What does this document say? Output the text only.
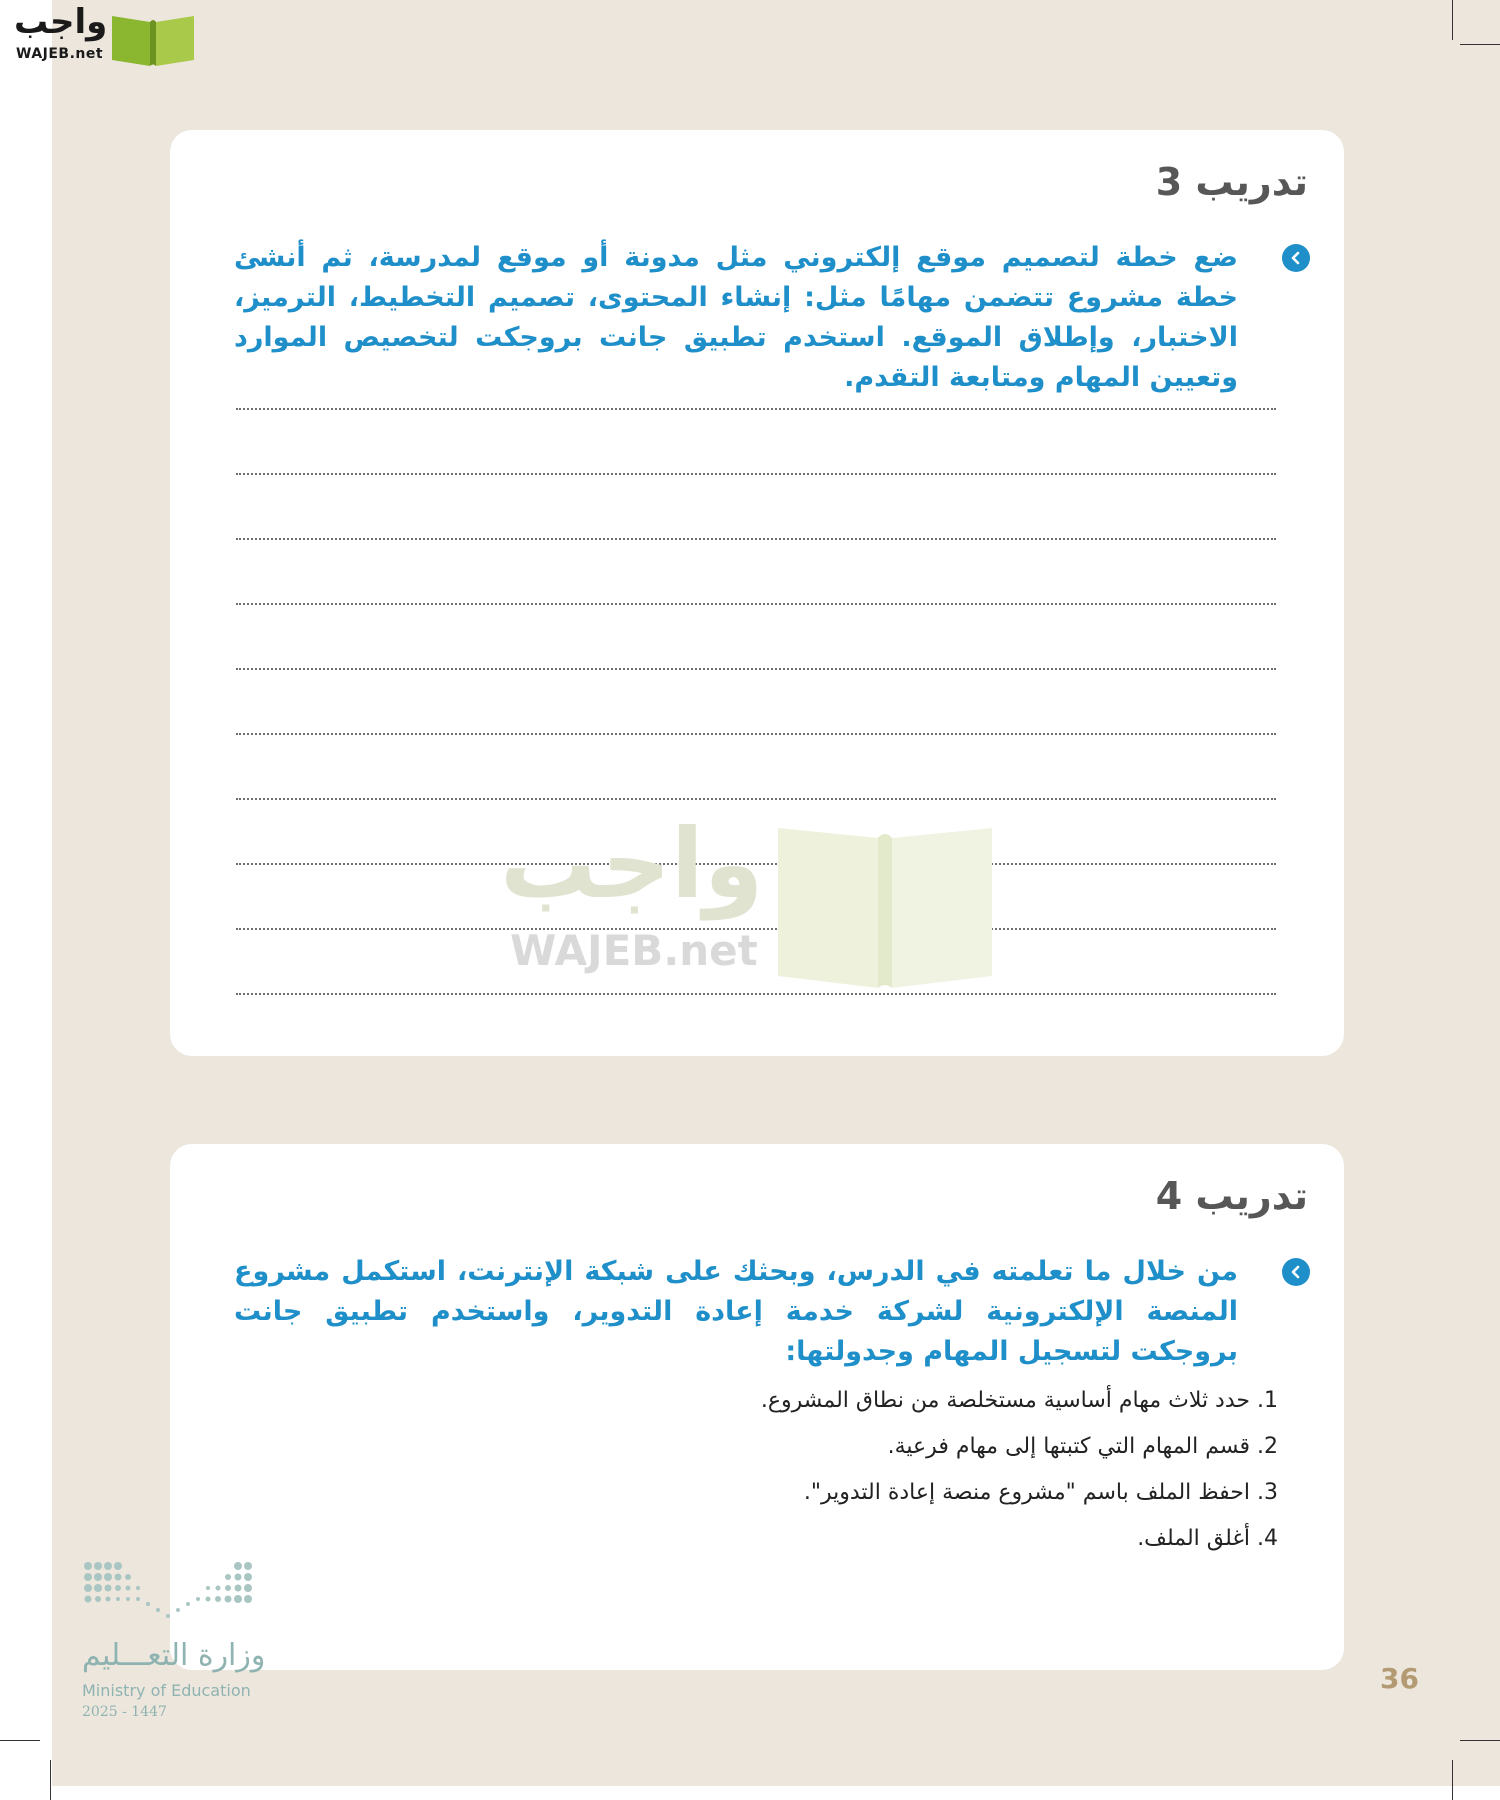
واجب
WAJEB.net
تدريب 3
ضع خطة لتصميم موقع إلكتروني مثل مدونة أو موقع لمدرسة، ثم أنشئ خطة مشروع تتضمن مهامًا مثل: إنشاء المحتوى، تصميم التخطيط، الترميز، الاختبار، وإطلاق الموقع. استخدم تطبيق جانت بروجكت لتخصيص الموارد وتعيين المهام ومتابعة التقدم.
واجب
WAJEB.net
تدريب 4
من خلال ما تعلمته في الدرس، وبحثك على شبكة الإنترنت، استكمل مشروع المنصة الإلكترونية لشركة خدمة إعادة التدوير، واستخدم تطبيق جانت بروجكت لتسجيل المهام وجدولتها:
1. حدد ثلاث مهام أساسية مستخلصة من نطاق المشروع.
2. قسم المهام التي كتبتها إلى مهام فرعية.
3. احفظ الملف باسم "مشروع منصة إعادة التدوير".
4. أغلق الملف.
وزارة التعـــليم
Ministry of Education
2025 - 1447
36
